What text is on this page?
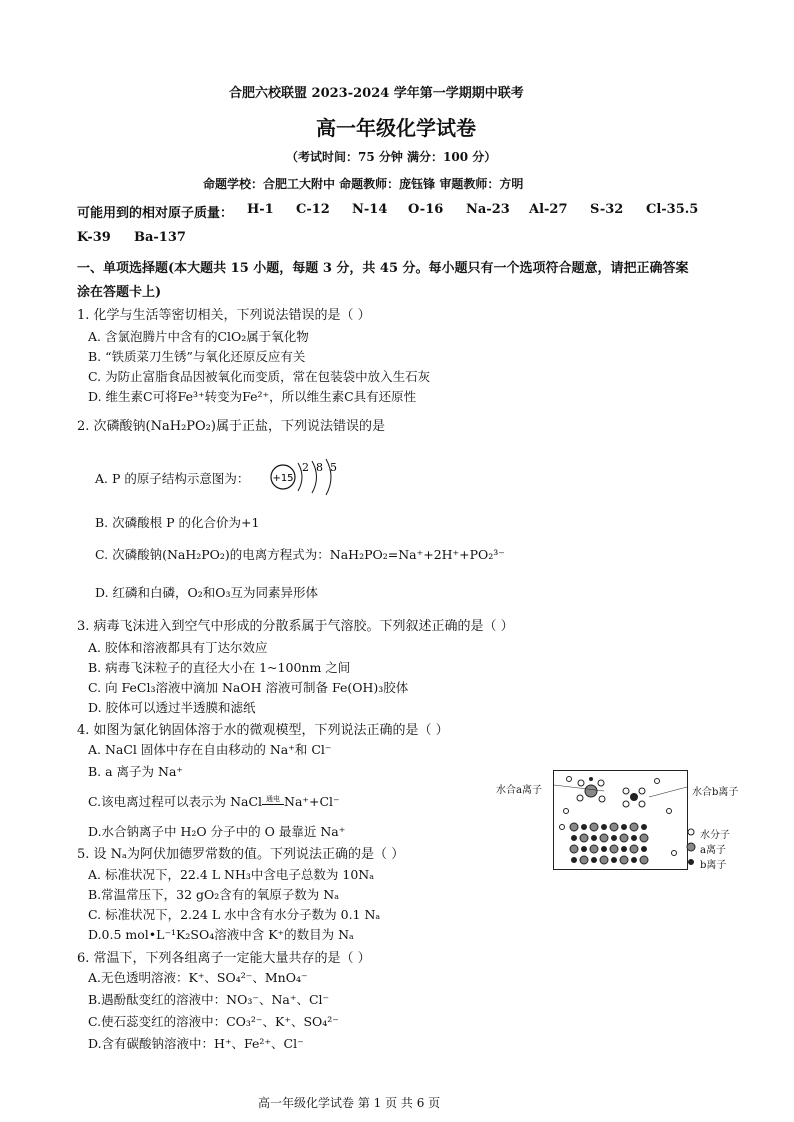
合肥六校联盟 2023-2024 学年第一学期期中联考
高一年级化学试卷
（考试时间：75 分钟 满分：100 分）
命题学校：合肥工大附中 命题教师：庞钰锋 审题教师：方明
可能用到的相对原子质量： H-1 C-12 N-14 O-16 Na-23 Al-27 S-32 Cl-35.5
K-39 Ba-137
一、单项选择题(本大题共 15 小题，每题 3 分，共 45 分。每小题只有一个选项符合题意，请把正确答案
涂在答题卡上)
1. 化学与生活等密切相关，下列说法错误的是（ ）
A. 含氯泡腾片中含有的ClO₂属于氧化物
B. “铁质菜刀生锈”与氧化还原反应有关
C. 为防止富脂食品因被氧化而变质，常在包装袋中放入生石灰
D. 维生素C可将Fe³⁺转变为Fe²⁺，所以维生素C具有还原性
2. 次磷酸钠(NaH₂PO₂)属于正盐，下列说法错误的是
A. P 的原子结构示意图为： +15
2 8 5
B. 次磷酸根 P 的化合价为+1
C. 次磷酸钠(NaH₂PO₂)的电离方程式为：NaH₂PO₂=Na⁺+2H⁺+PO₂³⁻
D. 红磷和白磷，O₂和O₃互为同素异形体
3. 病毒飞沫进入到空气中形成的分散系属于气溶胶。下列叙述正确的是（ ）
A. 胶体和溶液都具有丁达尔效应
B. 病毒飞沫粒子的直径大小在 1~100nm 之间
C. 向 FeCl₃溶液中滴加 NaOH 溶液可制备 Fe(OH)₃胶体
D. 胶体可以透过半透膜和滤纸
4. 如图为氯化钠固体溶于水的微观模型，下列说法正确的是（ ）
A. NaCl 固体中存在自由移动的 Na⁺和 Cl⁻
B. a 离子为 Na⁺
C.该电离过程可以表示为 NaCl $^{通电}$ Na⁺+Cl⁻
D.水合钠离子中 H₂O 分子中的 O 最靠近 Na⁺
水合a离子	水合b离子
水分子
a离子
b离子
5. 设 Nₐ为阿伏加德罗常数的值。下列说法正确的是（ ）
A. 标准状况下，22.4 L NH₃中含电子总数为 10Nₐ
B.常温常压下，32 gO₂含有的氧原子数为 Nₐ
C. 标准状况下，2.24 L 水中含有水分子数为 0.1 Nₐ
D.0.5 mol•L⁻¹K₂SO₄溶液中含 K⁺的数目为 Nₐ
6. 常温下，下列各组离子一定能大量共存的是（ ）
A.无色透明溶液：K⁺、SO₄²⁻、MnO₄⁻
B.遇酚酞变红的溶液中：NO₃⁻、Na⁺、Cl⁻
C.使石蕊变红的溶液中：CO₃²⁻、K⁺、SO₄²⁻
D.含有碳酸钠溶液中：H⁺、Fe²⁺、Cl⁻
高一年级化学试卷 第 1 页 共 6 页
